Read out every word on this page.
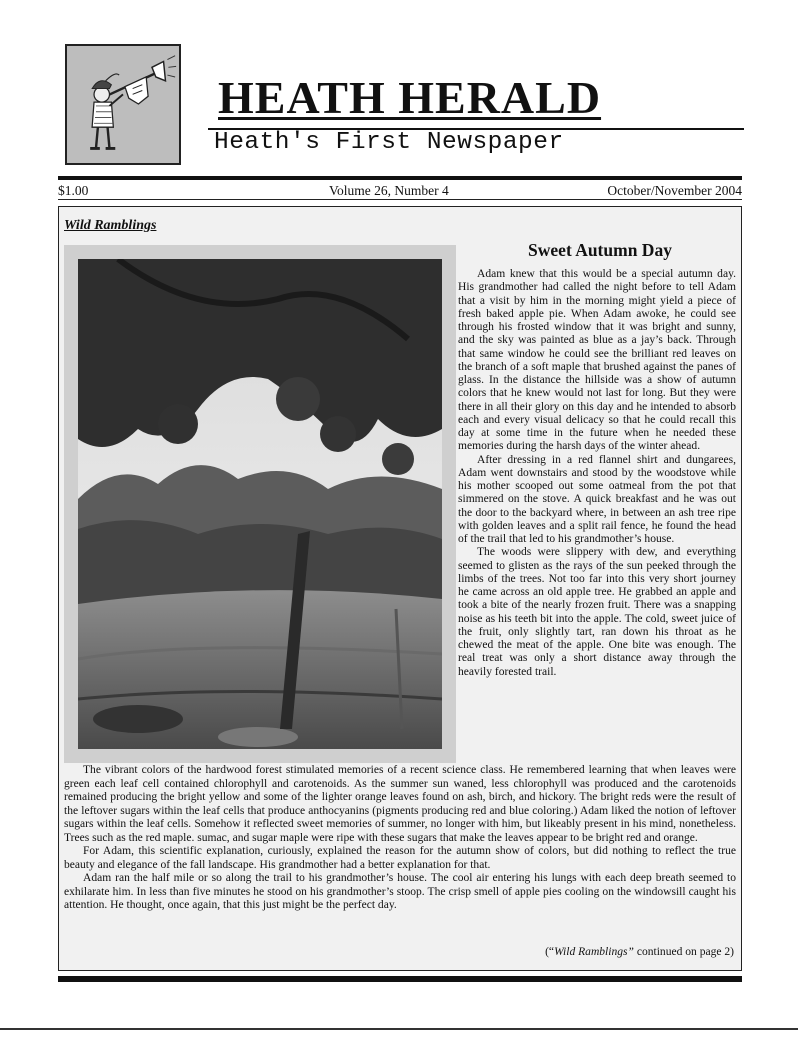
HEATH HERALD
Heath's First Newspaper
$1.00	Volume 26, Number 4	October/November 2004
Wild Ramblings
Sweet Autumn Day

Adam knew that this would be a special autumn day. His grandmother had called the night before to tell Adam that a visit by him in the morning might yield a piece of fresh baked apple pie. When Adam awoke, he could see through his frosted window that it was bright and sunny, and the sky was painted as blue as a jay’s back. Through that same window he could see the brilliant red leaves on the branch of a soft maple that brushed against the panes of glass. In the distance the hillside was a show of autumn colors that he knew would not last for long. But they were there in all their glory on this day and he intended to absorb each and every visual delicacy so that he could recall this day at some time in the future when he needed these memories during the harsh days of the winter ahead.

After dressing in a red flannel shirt and dungarees, Adam went downstairs and stood by the woodstove while his mother scooped out some oatmeal from the pot that simmered on the stove. A quick breakfast and he was out the door to the backyard where, in between an ash tree ripe with golden leaves and a split rail fence, he found the head of the trail that led to his grandmother’s house.

The woods were slippery with dew, and everything seemed to glisten as the rays of the sun peeked through the limbs of the trees. Not too far into this very short journey he came across an old apple tree. He grabbed an apple and took a bite of the nearly frozen fruit. There was a snapping noise as his teeth bit into the apple. The cold, sweet juice of the fruit, only slightly tart, ran down his throat as he chewed the meat of the apple. One bite was enough. The real treat was only a short distance away through the heavily forested trail.

The vibrant colors of the hardwood forest stimulated memories of a recent science class. He remembered learning that when leaves were green each leaf cell contained chlorophyll and carotenoids. As the summer sun waned, less chlorophyll was produced and the carotenoids remained producing the bright yellow and some of the lighter orange leaves found on ash, birch, and hickory. The bright reds were the result of the leftover sugars within the leaf cells that produce anthocyanins (pigments producing red and blue coloring.) Adam liked the notion of leftover sugars within the leaf cells. Somehow it reflected sweet memories of summer, no longer with him, but likeably present in his mind, nonetheless. Trees such as the red maple. sumac, and sugar maple were ripe with these sugars that make the leaves appear to be bright red and orange.

For Adam, this scientific explanation, curiously, explained the reason for the autumn show of colors, but did nothing to reflect the true beauty and elegance of the fall landscape. His grandmother had a better explanation for that.

Adam ran the half mile or so along the trail to his grandmother’s house. The cool air entering his lungs with each deep breath seemed to exhilarate him. In less than five minutes he stood on his grandmother’s stoop. The crisp smell of apple pies cooling on the windowsill caught his attention. He thought, once again, that this just might be the perfect day.

(“Wild Ramblings” continued on page 2)
